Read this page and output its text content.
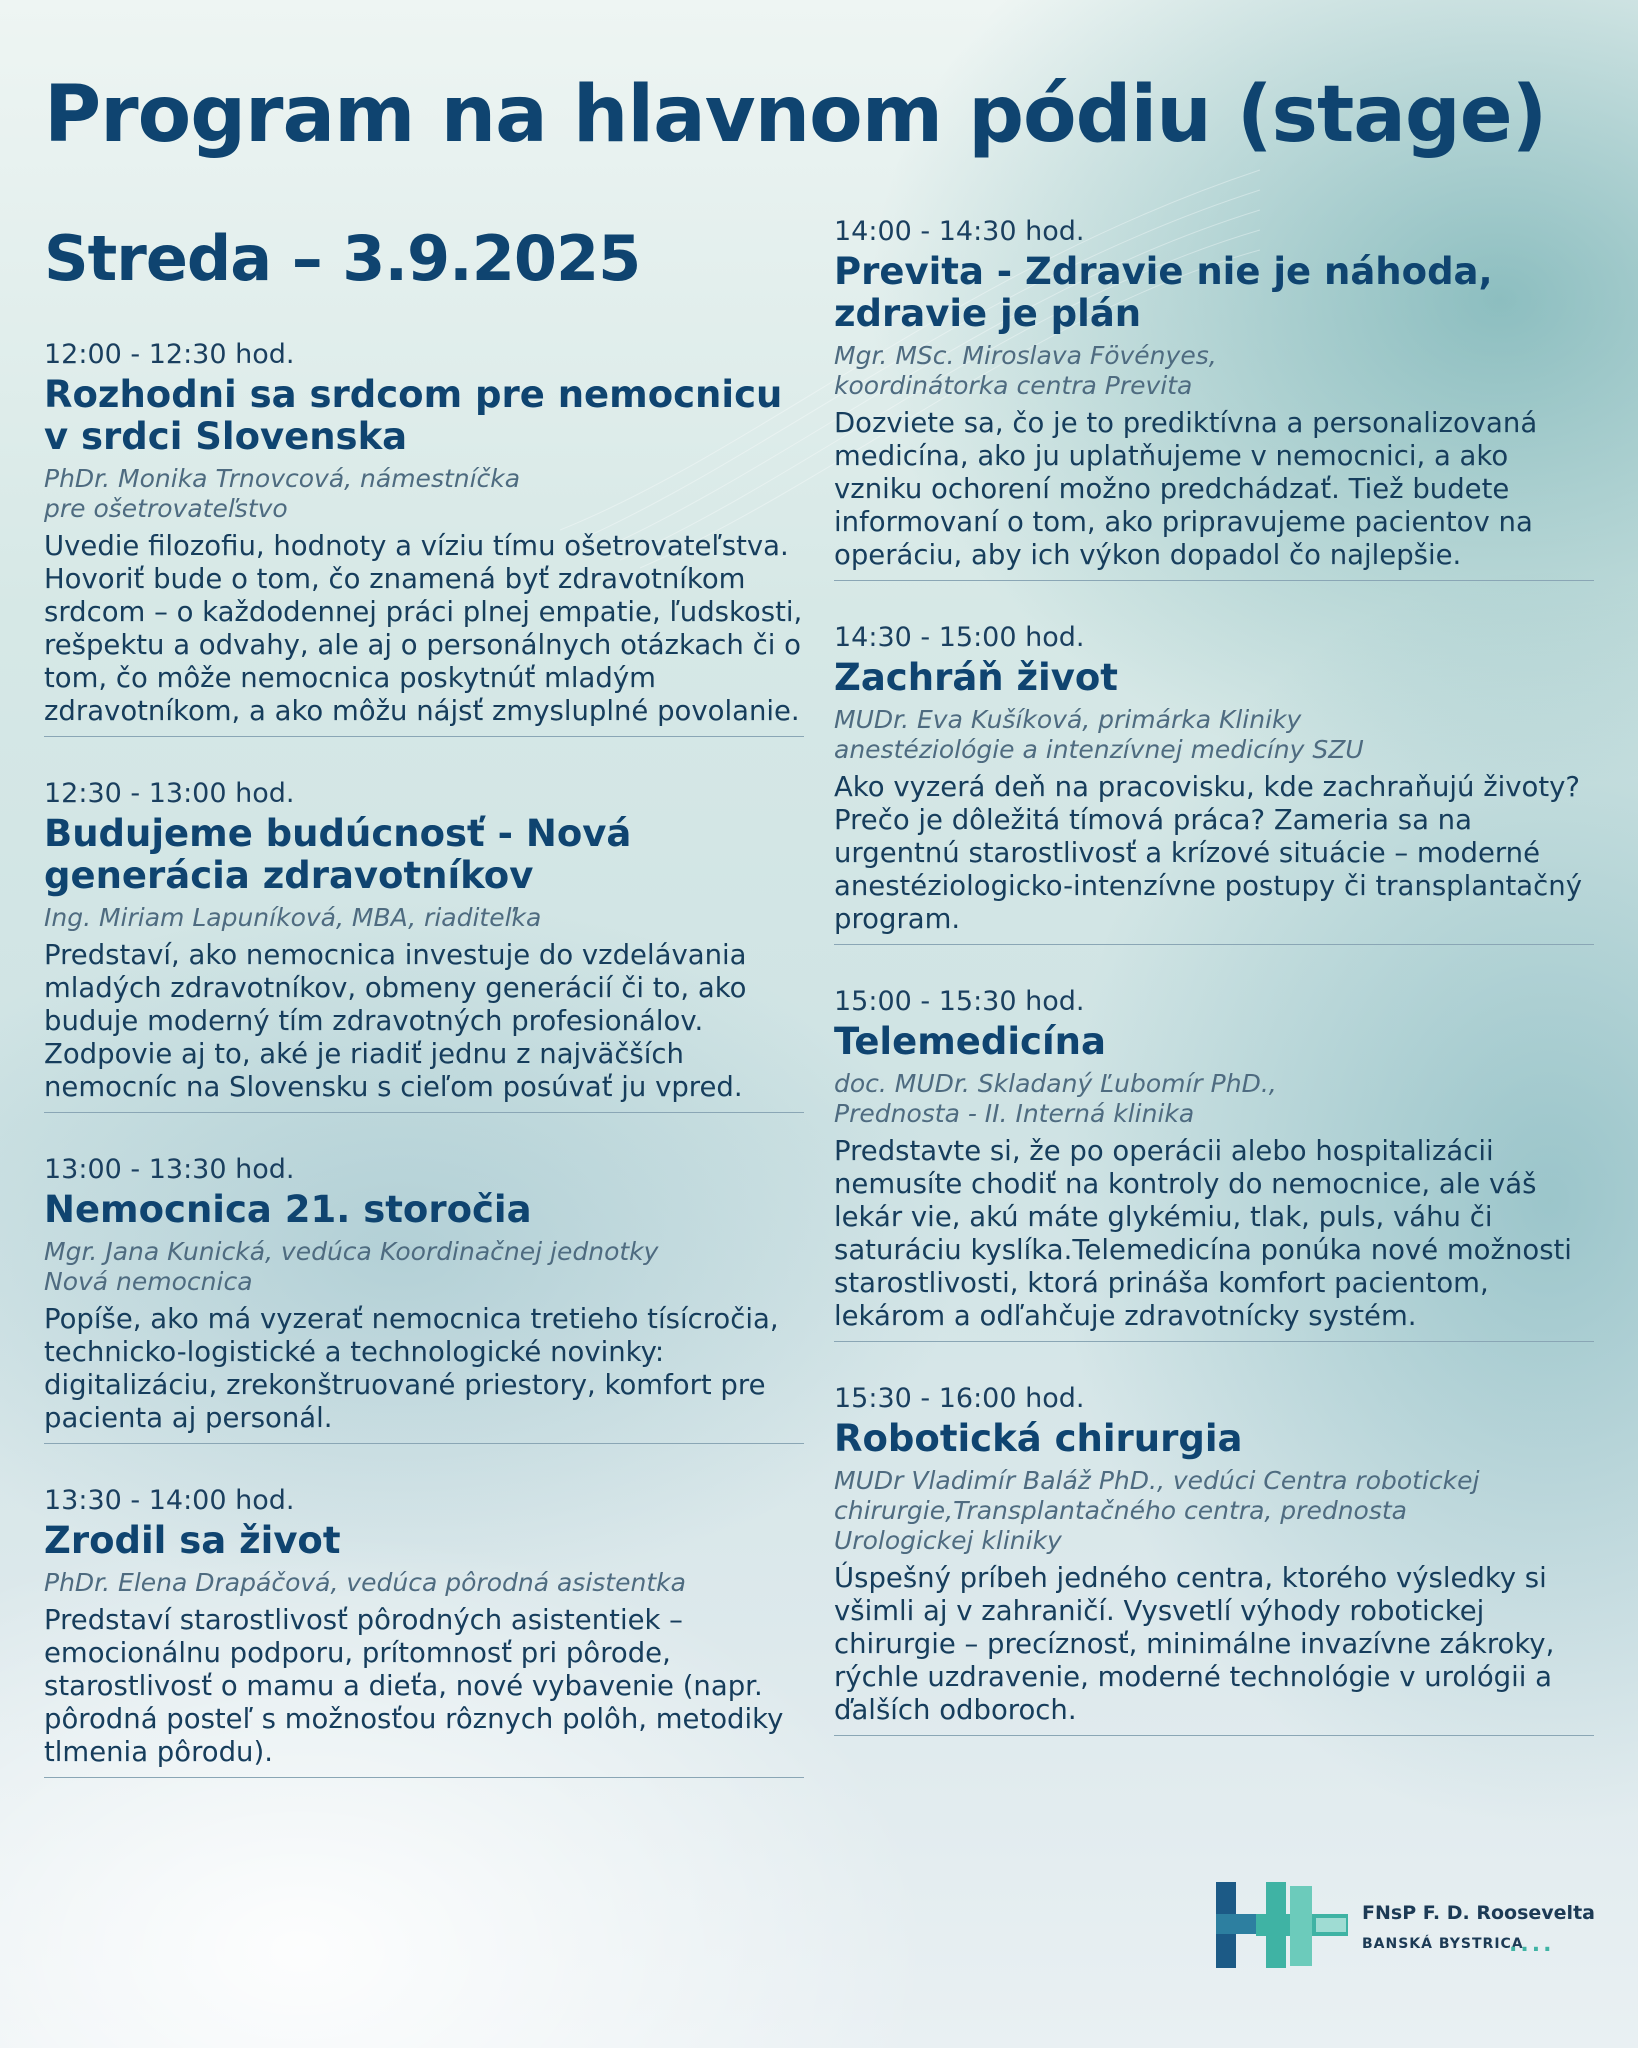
Program na hlavnom pódiu (stage)
Streda – 3.9.2025
12:00 - 12:30 hod.
Rozhodni sa srdcom pre nemocnicu v srdci Slovenska
PhDr. Monika Trnovcová, námestníčka
pre ošetrovateľstvo
Uvedie filozofiu, hodnoty a víziu tímu ošetrovateľstva. Hovoriť bude o tom, čo znamená byť zdravotníkom srdcom – o každodennej práci plnej empatie, ľudskosti, rešpektu a odvahy, ale aj o personálnych otázkach či o tom, čo môže nemocnica poskytnúť mladým zdravotníkom, a ako môžu nájsť zmysluplné povolanie.
12:30 - 13:00 hod.
Budujeme budúcnosť - Nová generácia zdravotníkov
Ing. Miriam Lapuníková, MBA, riaditeľka
Predstaví, ako nemocnica investuje do vzdelávania mladých zdravotníkov, obmeny generácií či to, ako buduje moderný tím zdravotných profesionálov. Zodpovie aj to, aké je riadiť jednu z najväčších nemocníc na Slovensku s cieľom posúvať ju vpred.
13:00 - 13:30 hod.
Nemocnica 21. storočia
Mgr. Jana Kunická, vedúca Koordinačnej jednotky
Nová nemocnica
Popíše, ako má vyzerať nemocnica tretieho tísícročia, technicko-logistické a technologické novinky: digitalizáciu, zrekonštruované priestory, komfort pre pacienta aj personál.
13:30 - 14:00 hod.
Zrodil sa život
PhDr. Elena Drapáčová, vedúca pôrodná asistentka
Predstaví starostlivosť pôrodných asistentiek – emocionálnu podporu, prítomnosť pri pôrode, starostlivosť o mamu a dieťa, nové vybavenie (napr. pôrodná posteľ s možnosťou rôznych polôh, metodiky tlmenia pôrodu).
14:00 - 14:30 hod.
Previta - Zdravie nie je náhoda, zdravie je plán
Mgr. MSc. Miroslava Fövényes,
koordinátorka centra Previta
Dozviete sa, čo je to prediktívna a personalizovaná medicína, ako ju uplatňujeme v nemocnici, a ako vzniku ochorení možno predchádzať. Tiež budete informovaní o tom, ako pripravujeme pacientov na operáciu, aby ich výkon dopadol čo najlepšie.
14:30 - 15:00 hod.
Zachráň život
MUDr. Eva Kušíková, primárka Kliniky
anestéziológie a intenzívnej medicíny SZU
Ako vyzerá deň na pracovisku, kde zachraňujú životy? Prečo je dôležitá tímová práca? Zameria sa na urgentnú starostlivosť a krízové situácie – moderné anestéziologicko-intenzívne postupy či transplantačný program.
15:00 - 15:30 hod.
Telemedicína
doc. MUDr. Skladaný Ľubomír PhD.,
Prednosta - II. Interná klinika
Predstavte si, že po operácii alebo hospitalizácii nemusíte chodiť na kontroly do nemocnice, ale váš lekár vie, akú máte glykémiu, tlak, puls, váhu či saturáciu kyslíka.Telemedicína ponúka nové možnosti starostlivosti, ktorá prináša komfort pacientom, lekárom a odľahčuje zdravotnícky systém.
15:30 - 16:00 hod.
Robotická chirurgia
MUDr Vladimír Baláž PhD., vedúci Centra robotickej
chirurgie,Transplantačného centra, prednosta
Urologickej kliniky
Úspešný príbeh jedného centra, ktorého výsledky si všimli aj v zahraničí. Vysvetlí výhody robotickej chirurgie – precíznosť, minimálne invazívne zákroky, rýchle uzdravenie, moderné technológie v urológii a ďalších odboroch.
FNsP F. D. Roosevelta
BANSKÁ BYSTRICA
....
